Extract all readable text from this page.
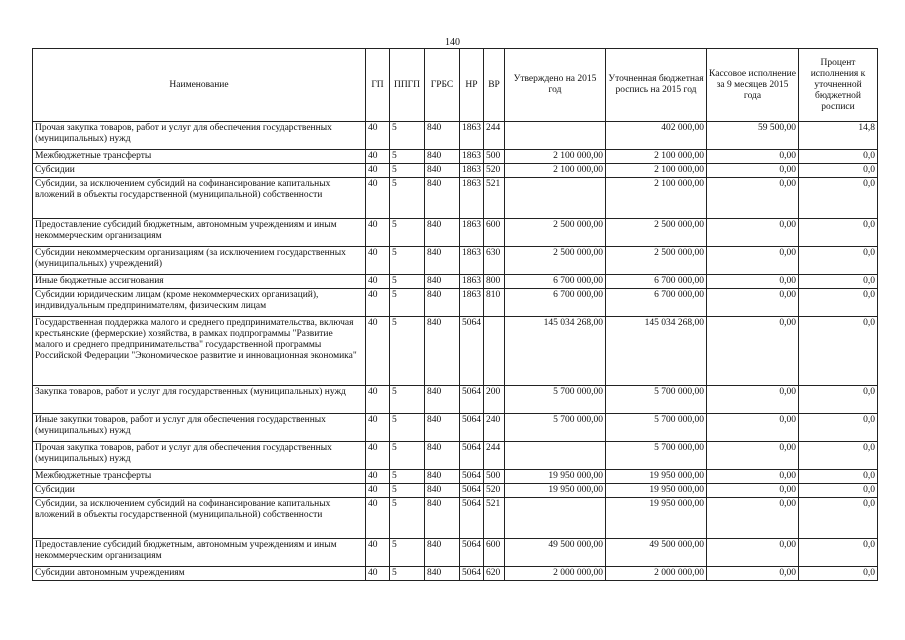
140
Наименование	ГП	ППГП	ГРБС	НР	ВР	Утверждено на 2015 год	Уточненная бюджетная роспись на 2015 год	Кассовое исполнение за 9 месяцев 2015 года	Процент исполнения к уточненной бюджетной росписи
Прочая закупка товаров, работ и услуг для обеспечения государственных (муниципальных) нужд	40	5	840	1863	244		402 000,00	59 500,00	14,8
Межбюджетные трансферты	40	5	840	1863	500	2 100 000,00	2 100 000,00	0,00	0,0
Субсидии	40	5	840	1863	520	2 100 000,00	2 100 000,00	0,00	0,0
Субсидии, за исключением субсидий на софинансирование капитальных вложений в объекты государственной (муниципальной) собственности	40	5	840	1863	521		2 100 000,00	0,00	0,0
Предоставление субсидий бюджетным, автономным учреждениям и иным некоммерческим организациям	40	5	840	1863	600	2 500 000,00	2 500 000,00	0,00	0,0
Субсидии некоммерческим организациям (за исключением государственных (муниципальных) учреждений)	40	5	840	1863	630	2 500 000,00	2 500 000,00	0,00	0,0
Иные бюджетные ассигнования	40	5	840	1863	800	6 700 000,00	6 700 000,00	0,00	0,0
Субсидии юридическим лицам (кроме некоммерческих организаций), индивидуальным предпринимателям, физическим лицам	40	5	840	1863	810	6 700 000,00	6 700 000,00	0,00	0,0
Государственная поддержка малого и среднего предпринимательства, включая крестьянские (фермерские) хозяйства, в рамках подпрограммы "Развитие малого и среднего предпринимательства" государственной программы Российской Федерации "Экономическое развитие и инновационная экономика"	40	5	840	5064		145 034 268,00	145 034 268,00	0,00	0,0
Закупка товаров, работ и услуг для государственных (муниципальных) нужд	40	5	840	5064	200	5 700 000,00	5 700 000,00	0,00	0,0
Иные закупки товаров, работ и услуг для обеспечения государственных (муниципальных) нужд	40	5	840	5064	240	5 700 000,00	5 700 000,00	0,00	0,0
Прочая закупка товаров, работ и услуг для обеспечения государственных (муниципальных) нужд	40	5	840	5064	244		5 700 000,00	0,00	0,0
Межбюджетные трансферты	40	5	840	5064	500	19 950 000,00	19 950 000,00	0,00	0,0
Субсидии	40	5	840	5064	520	19 950 000,00	19 950 000,00	0,00	0,0
Субсидии, за исключением субсидий на софинансирование капитальных вложений в объекты государственной (муниципальной) собственности	40	5	840	5064	521		19 950 000,00	0,00	0,0
Предоставление субсидий бюджетным, автономным учреждениям и иным некоммерческим организациям	40	5	840	5064	600	49 500 000,00	49 500 000,00	0,00	0,0
Субсидии автономным учреждениям	40	5	840	5064	620	2 000 000,00	2 000 000,00	0,00	0,0
